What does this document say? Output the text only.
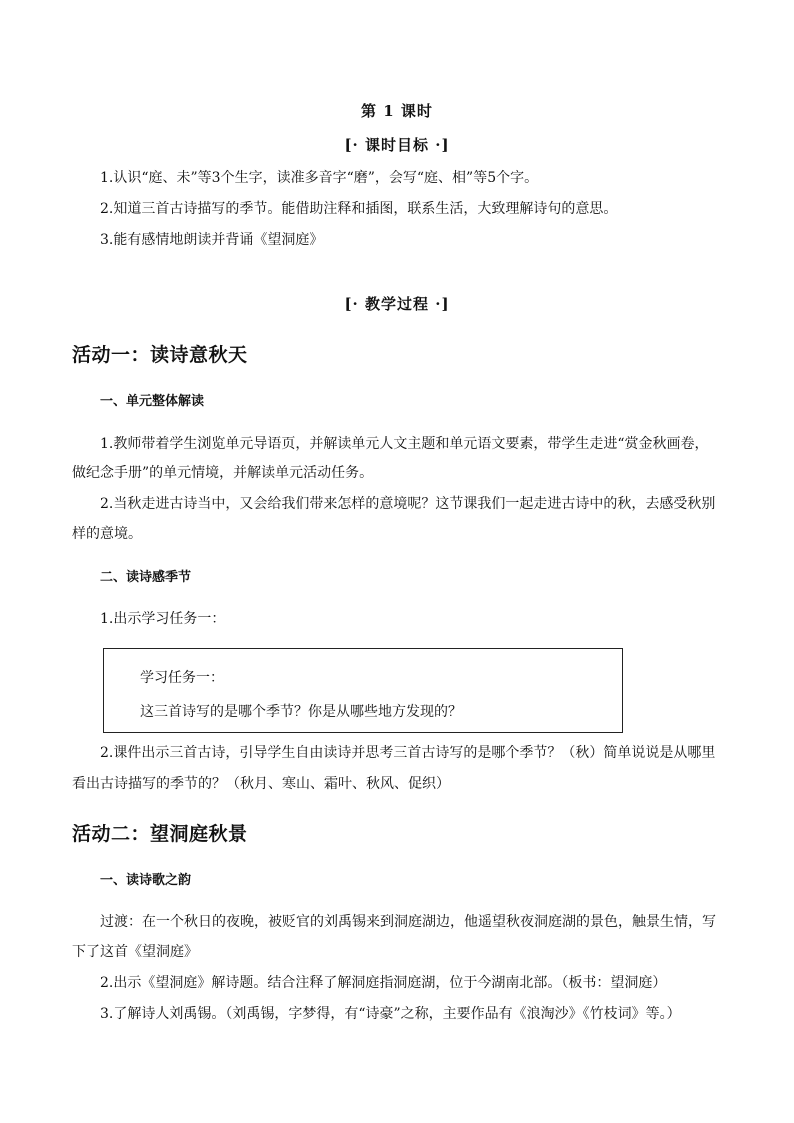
第 1 课时
[· 课时目标 ·]
1.认识“庭、未”等3个生字，读准多音字“磨”，会写“庭、相”等5个字。
2.知道三首古诗描写的季节。能借助注释和插图，联系生活，大致理解诗句的意思。
3.能有感情地朗读并背诵《望洞庭》
[· 教学过程 ·]
活动一：读诗意秋天
一、单元整体解读
1.教师带着学生浏览单元导语页，并解读单元人文主题和单元语文要素，带学生走进“赏金秋画卷，
做纪念手册”的单元情境，并解读单元活动任务。
2.当秋走进古诗当中，又会给我们带来怎样的意境呢？这节课我们一起走进古诗中的秋，去感受秋别
样的意境。
二、读诗感季节
1.出示学习任务一：
学习任务一：
这三首诗写的是哪个季节？你是从哪些地方发现的？
2.课件出示三首古诗，引导学生自由读诗并思考三首古诗写的是哪个季节？（秋）简单说说是从哪里
看出古诗描写的季节的？（秋月、寒山、霜叶、秋风、促织）
活动二：望洞庭秋景
一、读诗歌之韵
过渡：在一个秋日的夜晚，被贬官的刘禹锡来到洞庭湖边，他遥望秋夜洞庭湖的景色，触景生情，写
下了这首《望洞庭》
2.出示《望洞庭》解诗题。结合注释了解洞庭指洞庭湖，位于今湖南北部。（板书：望洞庭）
3.了解诗人刘禹锡。（刘禹锡，字梦得，有“诗豪”之称，主要作品有《浪淘沙》《竹枝词》等。）
